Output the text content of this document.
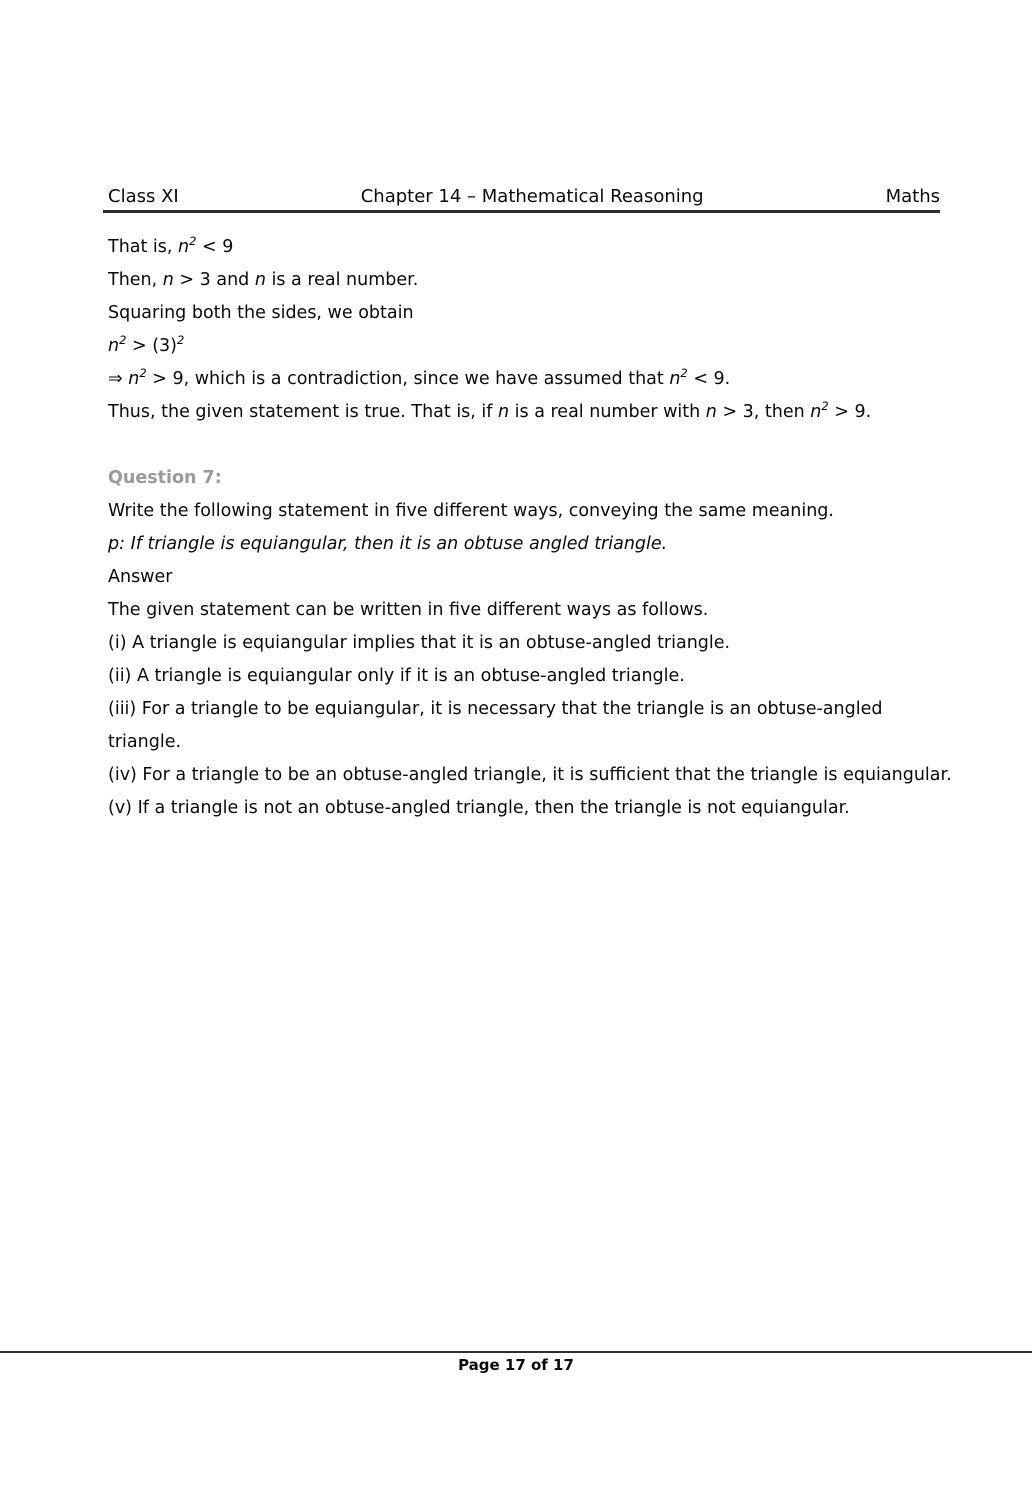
Class XI	Chapter 14 – Mathematical Reasoning	Maths

That is, $n^2 < 9$

Then, n > 3 and n is a real number.

Squaring both the sides, we obtain

$n^2 > (3)^2$

⇒ $n^2 > 9$, which is a contradiction, since we have assumed that $n^2 < 9$.

Thus, the given statement is true. That is, if n is a real number with n > 3, then $n^2 > 9$.

Question 7:

Write the following statement in five different ways, conveying the same meaning.

p: If triangle is equiangular, then it is an obtuse angled triangle.

Answer

The given statement can be written in five different ways as follows.

(i) A triangle is equiangular implies that it is an obtuse-angled triangle.

(ii) A triangle is equiangular only if it is an obtuse-angled triangle.

(iii) For a triangle to be equiangular, it is necessary that the triangle is an obtuse-angled triangle.

(iv) For a triangle to be an obtuse-angled triangle, it is sufficient that the triangle is equiangular.

(v) If a triangle is not an obtuse-angled triangle, then the triangle is not equiangular.

Page 17 of 17
